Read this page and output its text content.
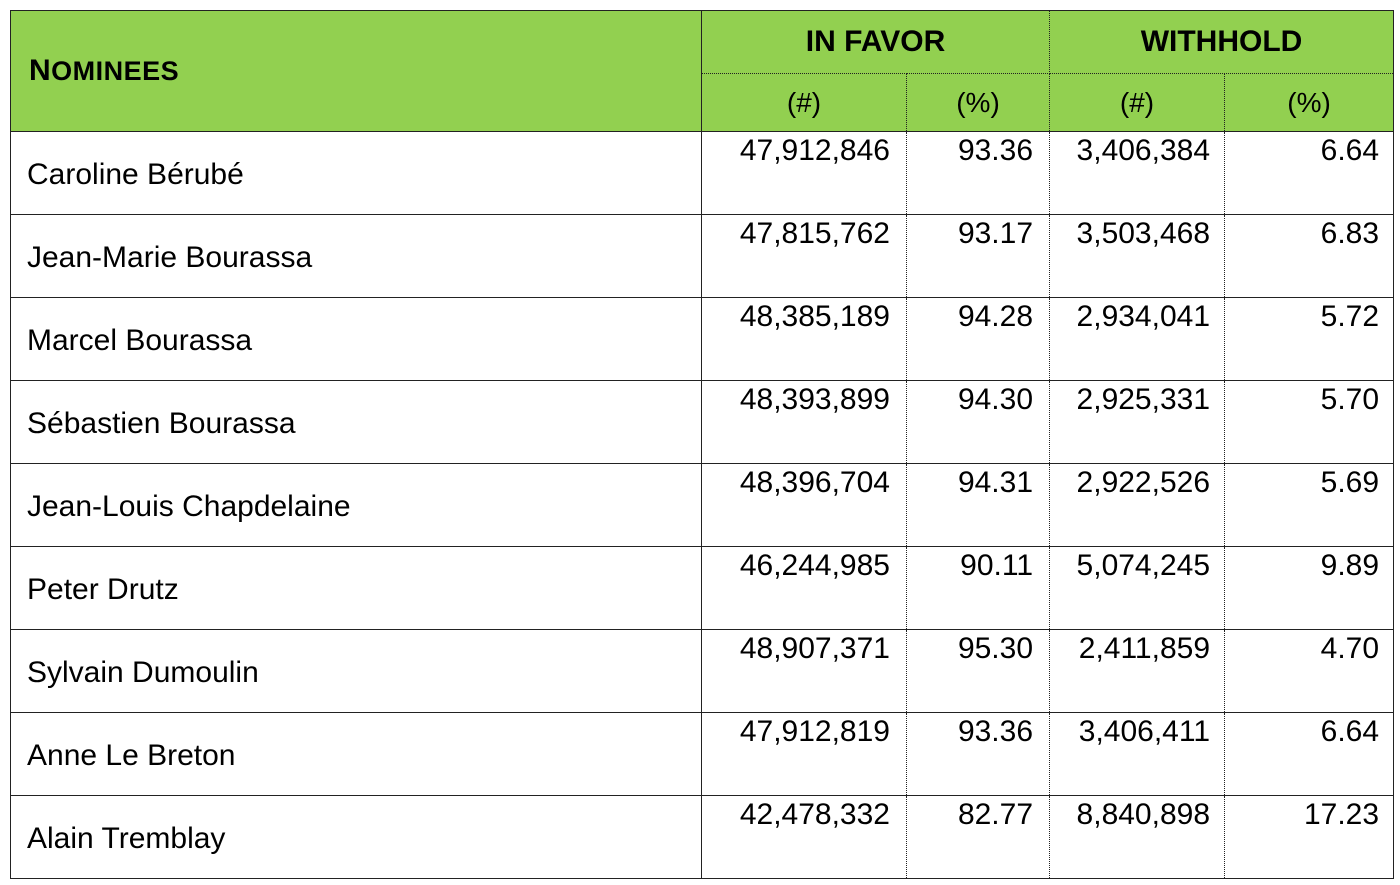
NOMINEES	IN FAVOR		WITHHOLD	
	(#)	(%)	(#)	(%)
Caroline Bérubé	47,912,846	93.36	3,406,384	6.64
Jean-Marie Bourassa	47,815,762	93.17	3,503,468	6.83
Marcel Bourassa	48,385,189	94.28	2,934,041	5.72
Sébastien Bourassa	48,393,899	94.30	2,925,331	5.70
Jean-Louis Chapdelaine	48,396,704	94.31	2,922,526	5.69
Peter Drutz	46,244,985	90.11	5,074,245	9.89
Sylvain Dumoulin	48,907,371	95.30	2,411,859	4.70
Anne Le Breton	47,912,819	93.36	3,406,411	6.64
Alain Tremblay	42,478,332	82.77	8,840,898	17.23
